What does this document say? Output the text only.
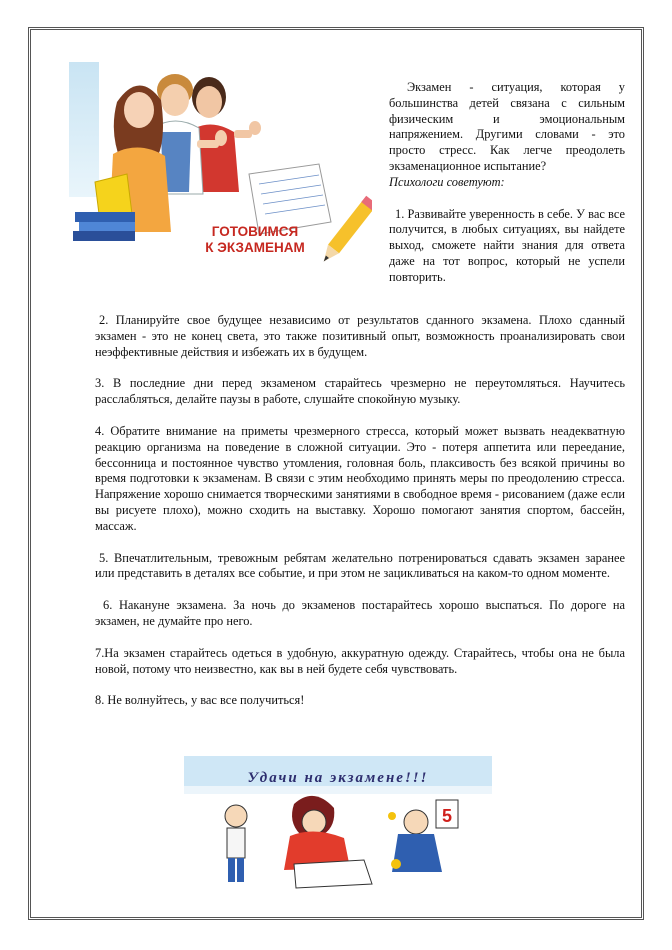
ГОТОВИМСЯ
К ЭКЗАМЕНАМ

Экзамен - ситуация, которая у большинства детей связана с сильным физическим и эмоциональным напряжением. Другими словами - это просто стресс. Как легче преодолеть экзаменационное испытание?

Психологи советуют:

1. Развивайте уверенность в себе. У вас все получится, в любых ситуациях, вы найдете выход, сможете найти знания для ответа даже на тот вопрос, который не успели повторить.

2. Планируйте свое будущее независимо от результатов сданного экзамена. Плохо сданный экзамен - это не конец света, это также позитивный опыт, возможность проанализировать свои неэффективные действия и избежать их в будущем.

3. В последние дни перед экзаменом старайтесь чрезмерно не переутомляться. Научитесь расслабляться, делайте паузы в работе, слушайте спокойную музыку.

4. Обратите внимание на приметы чрезмерного стресса, который может вызвать неадекватную реакцию организма на поведение в сложной ситуации. Это - потеря аппетита или переедание, бессонница и постоянное чувство утомления, головная боль, плаксивость без всякой причины во время подготовки к экзаменам. В связи с этим необходимо принять меры по преодолению стресса. Напряжение хорошо снимается творческими занятиями в свободное время - рисованием (даже если вы рисуете плохо), можно сходить на выставку. Хорошо помогают занятия спортом, бассейн, массаж.

5. Впечатлительным, тревожным ребятам желательно потренироваться сдавать экзамен заранее или представить в деталях все событие, и при этом не зацикливаться на каком-то одном моменте.

6. Накануне экзамена. За ночь до экзаменов постарайтесь хорошо выспаться. По дороге на экзамен, не думайте про него.

7.На экзамен старайтесь одеться в удобную, аккуратную одежду. Старайтесь, чтобы она не была новой, потому что неизвестно, как вы в ней будете себя чувствовать.

8. Не волнуйтесь, у вас все получиться!

Удачи на экзамене!!!
5
